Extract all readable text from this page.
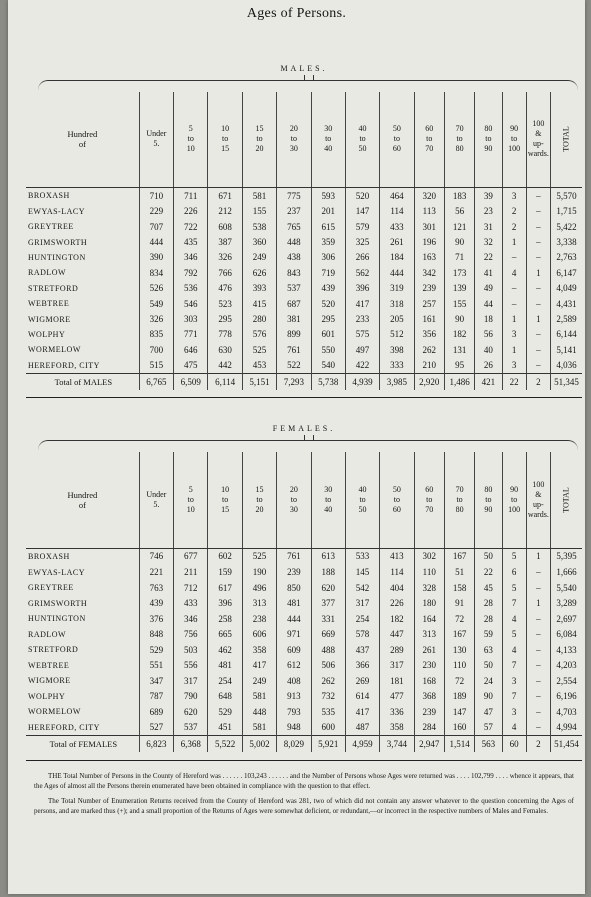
Ages of Persons.
MALES.
Hundred
of	Under 5.	5 to 10	10 to 15	15 to 20	20 to 30	30 to 40	40 to 50	50 to 60	60 to 70	70 to 80	80 to 90	90 to 100	100 & up-wards.	TOTAL
BROXASH	710	711	671	581	775	593	520	464	320	183	39	3	–	5,570
EWYAS-LACY	229	226	212	155	237	201	147	114	113	56	23	2	–	1,715
GREYTREE	707	722	608	538	765	615	579	433	301	121	31	2	–	5,422
GRIMSWORTH	444	435	387	360	448	359	325	261	196	90	32	1	–	3,338
HUNTINGTON	390	346	326	249	438	306	266	184	163	71	22	–	–	2,763
RADLOW	834	792	766	626	843	719	562	444	342	173	41	4	1	6,147
STRETFORD	526	536	476	393	537	439	396	319	239	139	49	–	–	4,049
WEBTREE	549	546	523	415	687	520	417	318	257	155	44	–	–	4,431
WIGMORE	326	303	295	280	381	295	233	205	161	90	18	1	1	2,589
WOLPHY	835	771	778	576	899	601	575	512	356	182	56	3	–	6,144
WORMELOW	700	646	630	525	761	550	497	398	262	131	40	1	–	5,141
HEREFORD, CITY	515	475	442	453	522	540	422	333	210	95	26	3	–	4,036
Total of MALES	6,765	6,509	6,114	5,151	7,293	5,738	4,939	3,985	2,920	1,486	421	22	2	51,345
FEMALES.
Hundred
of	Under 5.	5 to 10	10 to 15	15 to 20	20 to 30	30 to 40	40 to 50	50 to 60	60 to 70	70 to 80	80 to 90	90 to 100	100 & up-wards.	TOTAL
BROXASH	746	677	602	525	761	613	533	413	302	167	50	5	1	5,395
EWYAS-LACY	221	211	159	190	239	188	145	114	110	51	22	6	–	1,666
GREYTREE	763	712	617	496	850	620	542	404	328	158	45	5	–	5,540
GRIMSWORTH	439	433	396	313	481	377	317	226	180	91	28	7	1	3,289
HUNTINGTON	376	346	258	238	444	331	254	182	164	72	28	4	–	2,697
RADLOW	848	756	665	606	971	669	578	447	313	167	59	5	–	6,084
STRETFORD	529	503	462	358	609	488	437	289	261	130	63	4	–	4,133
WEBTREE	551	556	481	417	612	506	366	317	230	110	50	7	–	4,203
WIGMORE	347	317	254	249	408	262	269	181	168	72	24	3	–	2,554
WOLPHY	787	790	648	581	913	732	614	477	368	189	90	7	–	6,196
WORMELOW	689	620	529	448	793	535	417	336	239	147	47	3	–	4,703
HEREFORD, CITY	527	537	451	581	948	600	487	358	284	160	57	4	–	4,994
Total of FEMALES	6,823	6,368	5,522	5,002	8,029	5,921	4,959	3,744	2,947	1,514	563	60	2	51,454

THE Total Number of Persons in the County of Hereford was . . . . . . 103,243 . . . . . . and the Number of Persons whose Ages were returned was . . . . 102,799 . . . . whence it appears, that the Ages of almost all the Persons therein enumerated have been obtained in compliance with the question to that effect.

The Total Number of Enumeration Returns received from the County of Hereford was 281, two of which did not contain any answer whatever to the question concerning the Ages of persons, and are marked thus (+); and a small proportion of the Returns of Ages were somewhat deficient, or redundant,—or incorrect in the respective numbers of Males and Females.
